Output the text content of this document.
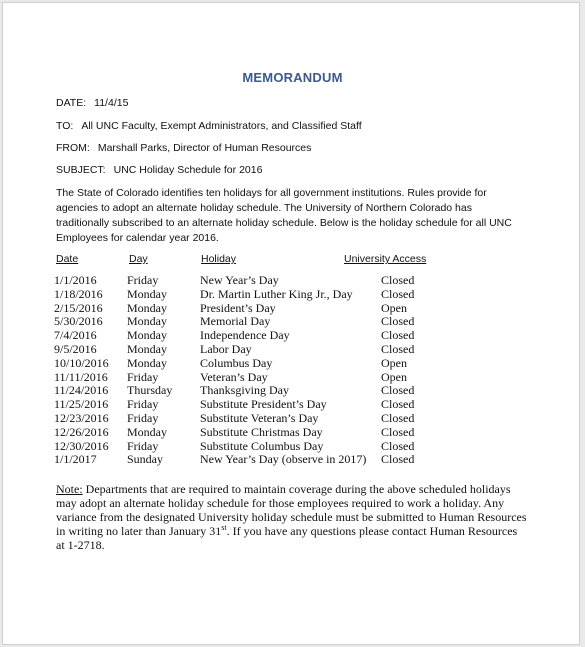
MEMORANDUM
DATE: 11/4/15
TO: All UNC Faculty, Exempt Administrators, and Classified Staff
FROM: Marshall Parks, Director of Human Resources
SUBJECT: UNC Holiday Schedule for 2016
The State of Colorado identifies ten holidays for all government institutions. Rules provide for agencies to adopt an alternate holiday schedule. The University of Northern Colorado has traditionally subscribed to an alternate holiday schedule. Below is the holiday schedule for all UNC Employees for calendar year 2016.
Date	Day	Holiday	University Access
1/1/2016	Friday	New Year’s Day	Closed
1/18/2016	Monday	Dr. Martin Luther King Jr., Day	Closed
2/15/2016	Monday	President’s Day	Open
5/30/2016	Monday	Memorial Day	Closed
7/4/2016	Monday	Independence Day	Closed
9/5/2016	Monday	Labor Day	Closed
10/10/2016	Monday	Columbus Day	Open
11/11/2016	Friday	Veteran’s Day	Open
11/24/2016	Thursday	Thanksgiving Day	Closed
11/25/2016	Friday	Substitute President’s Day	Closed
12/23/2016	Friday	Substitute Veteran’s Day	Closed
12/26/2016	Monday	Substitute Christmas Day	Closed
12/30/2016	Friday	Substitute Columbus Day	Closed
1/1/2017	Sunday	New Year’s Day (observe in 2017)	Closed
Note: Departments that are required to maintain coverage during the above scheduled holidays may adopt an alternate holiday schedule for those employees required to work a holiday. Any variance from the designated University holiday schedule must be submitted to Human Resources in writing no later than January 31st. If you have any questions please contact Human Resources at 1-2718.
